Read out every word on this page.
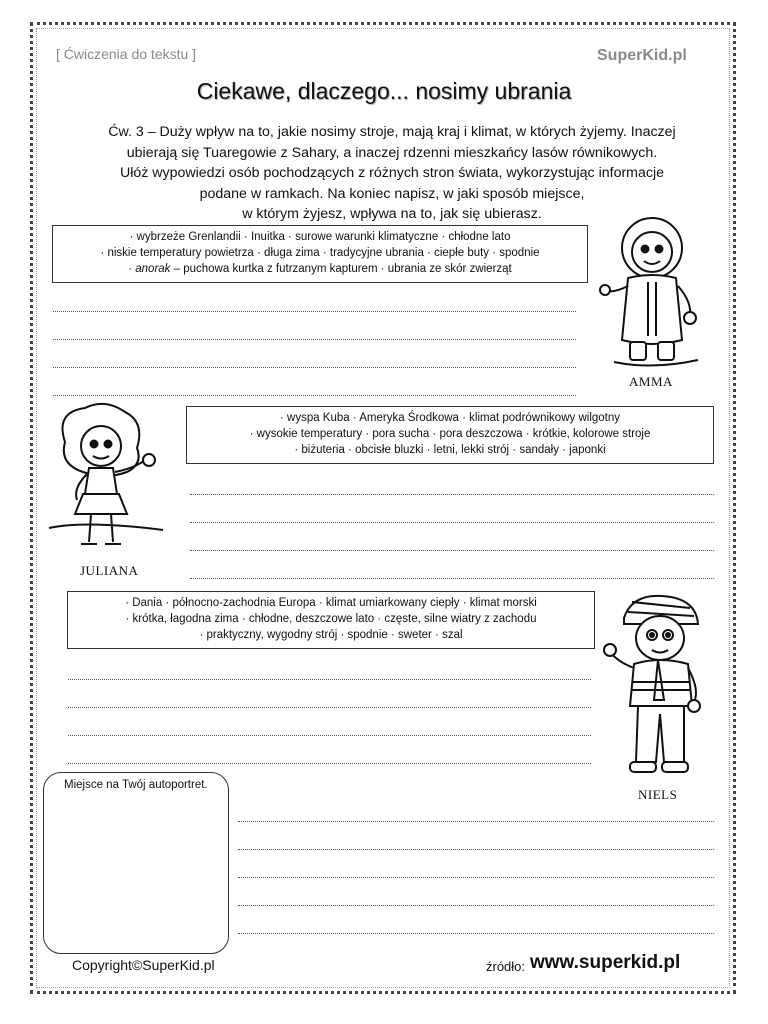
[ Ćwiczenia do tekstu ]	SuperKid.pl
Ciekawe, dlaczego... nosimy ubrania
Ćw. 3 – Duży wpływ na to, jakie nosimy stroje, mają kraj i klimat, w których żyjemy. Inaczej
ubierają się Tuaregowie z Sahary, a inaczej rdzenni mieszkańcy lasów równikowych.
Ułóż wypowiedzi osób pochodzących z różnych stron świata, wykorzystując informacje
podane w ramkach. Na koniec napisz, w jaki sposób miejsce,
w którym żyjesz, wpływa na to, jak się ubierasz.
· wybrzeże Grenlandii · Inuitka · surowe warunki klimatyczne · chłodne lato
· niskie temperatury powietrza · długa zima · tradycyjne ubrania · ciepłe buty · spodnie
· anorak – puchowa kurtka z futrzanym kapturem · ubrania ze skór zwierząt
AMMA
· wyspa Kuba · Ameryka Środkowa · klimat podrównikowy wilgotny
· wysokie temperatury · pora sucha · pora deszczowa · krótkie, kolorowe stroje
· biżuteria · obcisłe bluzki · letni, lekki strój · sandały · japonki
JULIANA
· Dania · północno-zachodnia Europa · klimat umiarkowany ciepły · klimat morski
· krótka, łagodna zima · chłodne, deszczowe lato · częste, silne wiatry z zachodu
· praktyczny, wygodny strój · spodnie · sweter · szal
NIELS
Miejsce na Twój autoportret.
Copyright©SuperKid.pl	źródło: www.superkid.pl
